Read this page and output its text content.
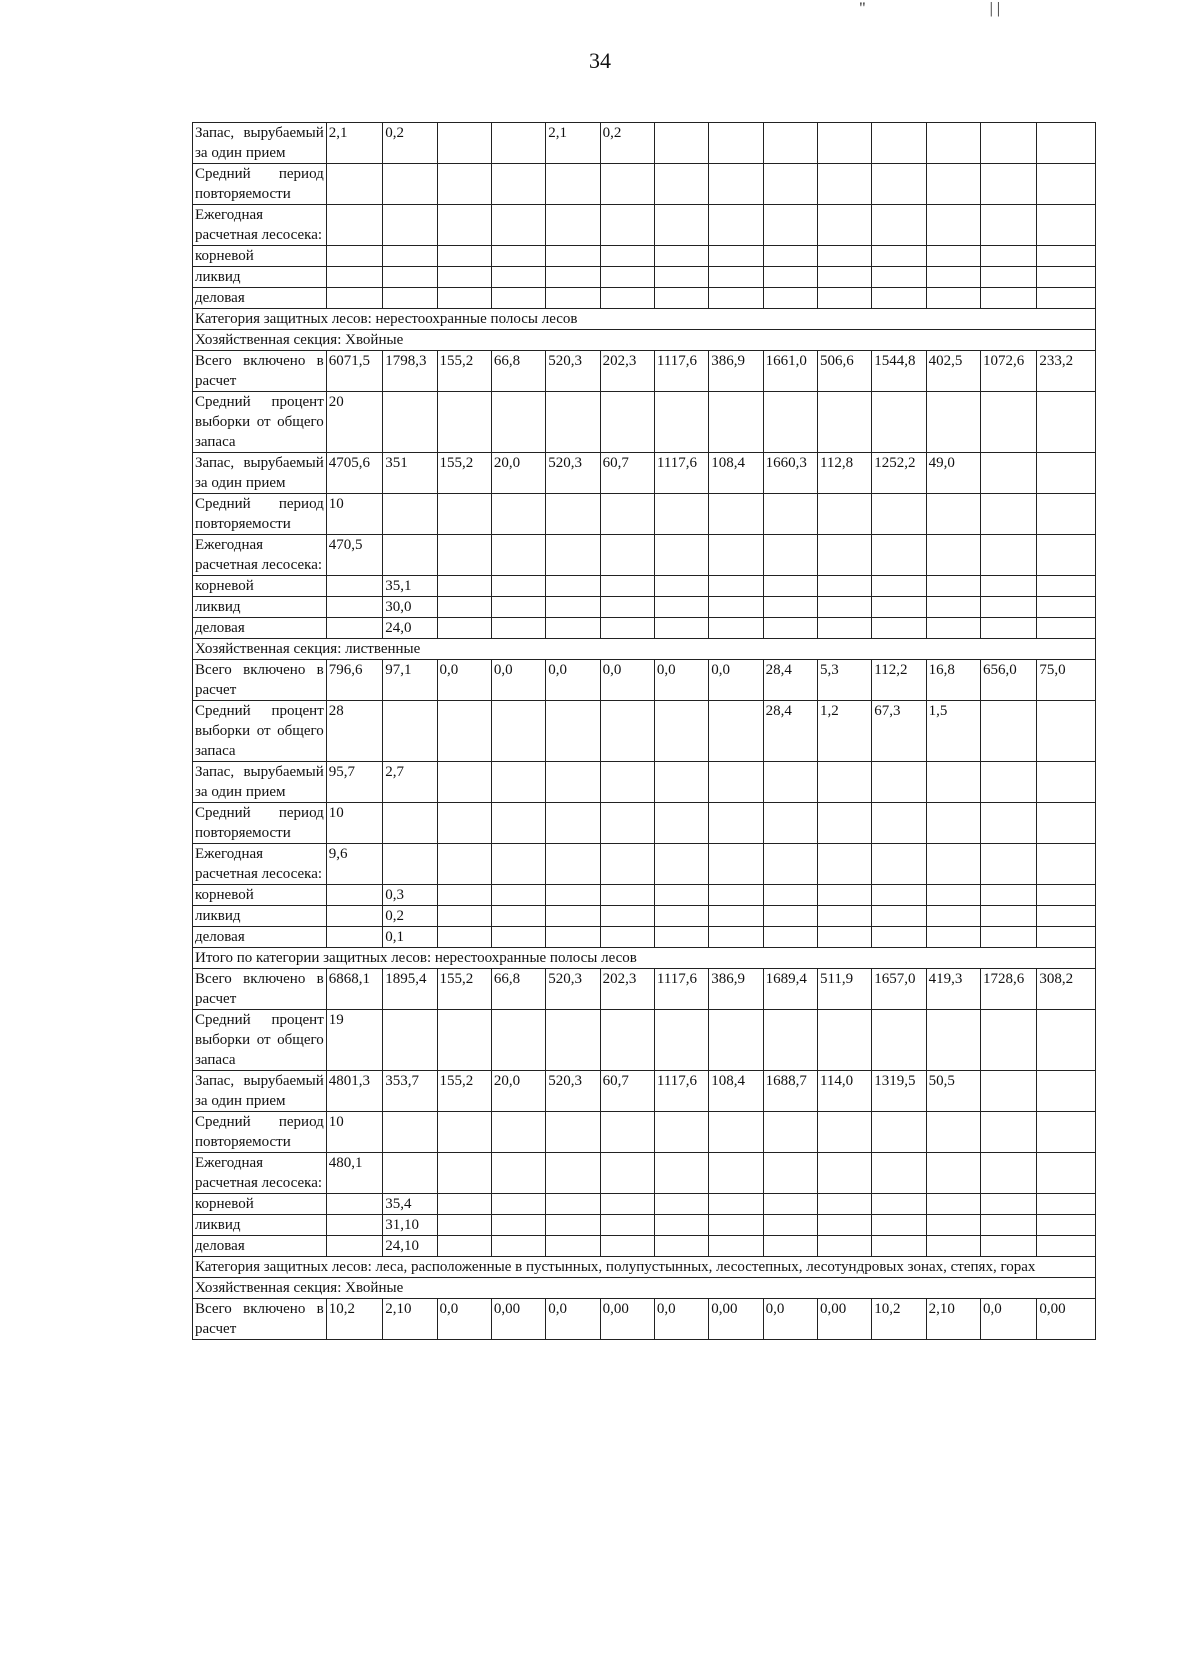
"	| |
34
Запас, вырубаемый за один прием	2,1	0,2			2,1	0,2								
Средний период повторяемости														
Ежегодная расчетная лесосека:														
корневой														
ликвид														
деловая														
Категория защитных лесов: нерестоохранные полосы лесов														
Хозяйственная секция: Хвойные														
Всего включено в расчет	6071,5	1798,3	155,2	66,8	520,3	202,3	1117,6	386,9	1661,0	506,6	1544,8	402,5	1072,6	233,2
Средний процент выборки от общего запаса	20													
Запас, вырубаемый за один прием	4705,6	351	155,2	20,0	520,3	60,7	1117,6	108,4	1660,3	112,8	1252,2	49,0		
Средний период повторяемости	10													
Ежегодная расчетная лесосека:	470,5													
корневой		35,1												
ликвид		30,0												
деловая		24,0												
Хозяйственная секция: лиственные														
Всего включено в расчет	796,6	97,1	0,0	0,0	0,0	0,0	0,0	0,0	28,4	5,3	112,2	16,8	656,0	75,0
Средний процент выборки от общего запаса	28								28,4	1,2	67,3	1,5		
Запас, вырубаемый за один прием	95,7	2,7												
Средний период повторяемости	10													
Ежегодная расчетная лесосека:	9,6													
корневой		0,3												
ликвид		0,2												
деловая		0,1												
Итого по категории защитных лесов: нерестоохранные полосы лесов														
Всего включено в расчет	6868,1	1895,4	155,2	66,8	520,3	202,3	1117,6	386,9	1689,4	511,9	1657,0	419,3	1728,6	308,2
Средний процент выборки от общего запаса	19													
Запас, вырубаемый за один прием	4801,3	353,7	155,2	20,0	520,3	60,7	1117,6	108,4	1688,7	114,0	1319,5	50,5		
Средний период повторяемости	10													
Ежегодная расчетная лесосека:	480,1													
корневой		35,4												
ликвид		31,10												
деловая		24,10												
Категория защитных лесов: леса, расположенные в пустынных, полупустынных, лесостепных, лесотундровых зонах, степях, горах														
Хозяйственная секция: Хвойные														
Всего включено в расчет	10,2	2,10	0,0	0,00	0,0	0,00	0,0	0,00	0,0	0,00	10,2	2,10	0,0	0,00
